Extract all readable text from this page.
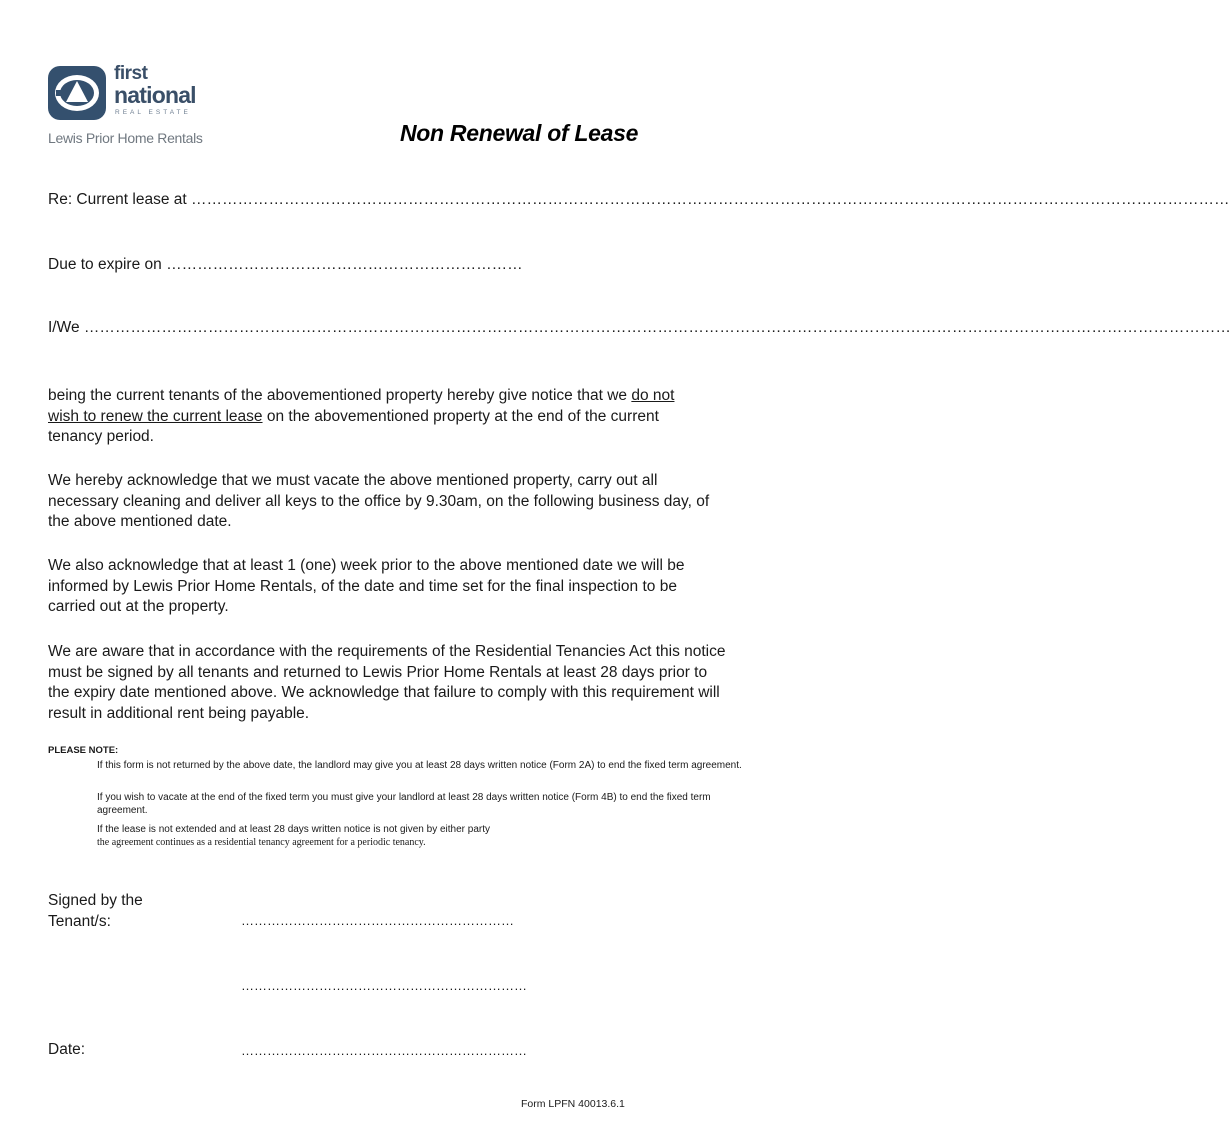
first
national
REAL ESTATE
Lewis Prior Home Rentals	Non Renewal of Lease
Re: Current lease at …………………………………………………………………………………………………………………………………………………………………………………
Due to expire on ……………………………………………………………
I/We ……………………………………………………………………………………………………………………………………………………………………………………………………

being the current tenants of the abovementioned property hereby give notice that we do not
wish to renew the current lease on the abovementioned property at the end of the current
tenancy period.

We hereby acknowledge that we must vacate the above mentioned property, carry out all necessary cleaning and deliver all keys to the office by 9.30am, on the following business day, of the above mentioned date.

We also acknowledge that at least 1 (one) week prior to the above mentioned date we will be informed by Lewis Prior Home Rentals, of the date and time set for the final inspection to be carried out at the property.

We are aware that in accordance with the requirements of the Residential Tenancies Act this notice must be signed by all tenants and returned to Lewis Prior Home Rentals at least 28 days prior to the expiry date mentioned above. We acknowledge that failure to comply with this requirement will result in additional rent being payable.

PLEASE NOTE:

If this form is not returned by the above date, the landlord may give you at least 28 days written notice (Form 2A) to end the fixed term agreement.

If you wish to vacate at the end of the fixed term you must give your landlord at least 28 days written notice (Form 4B) to end the fixed term agreement.

If the lease is not extended and at least 28 days written notice is not given by either party

the agreement continues as a residential tenancy agreement for a periodic tenancy.

Signed by the
Tenant/s:	………………………………………………………
…………………………………………………………
Date:	…………………………………………………………
Form LPFN 40013.6.1
